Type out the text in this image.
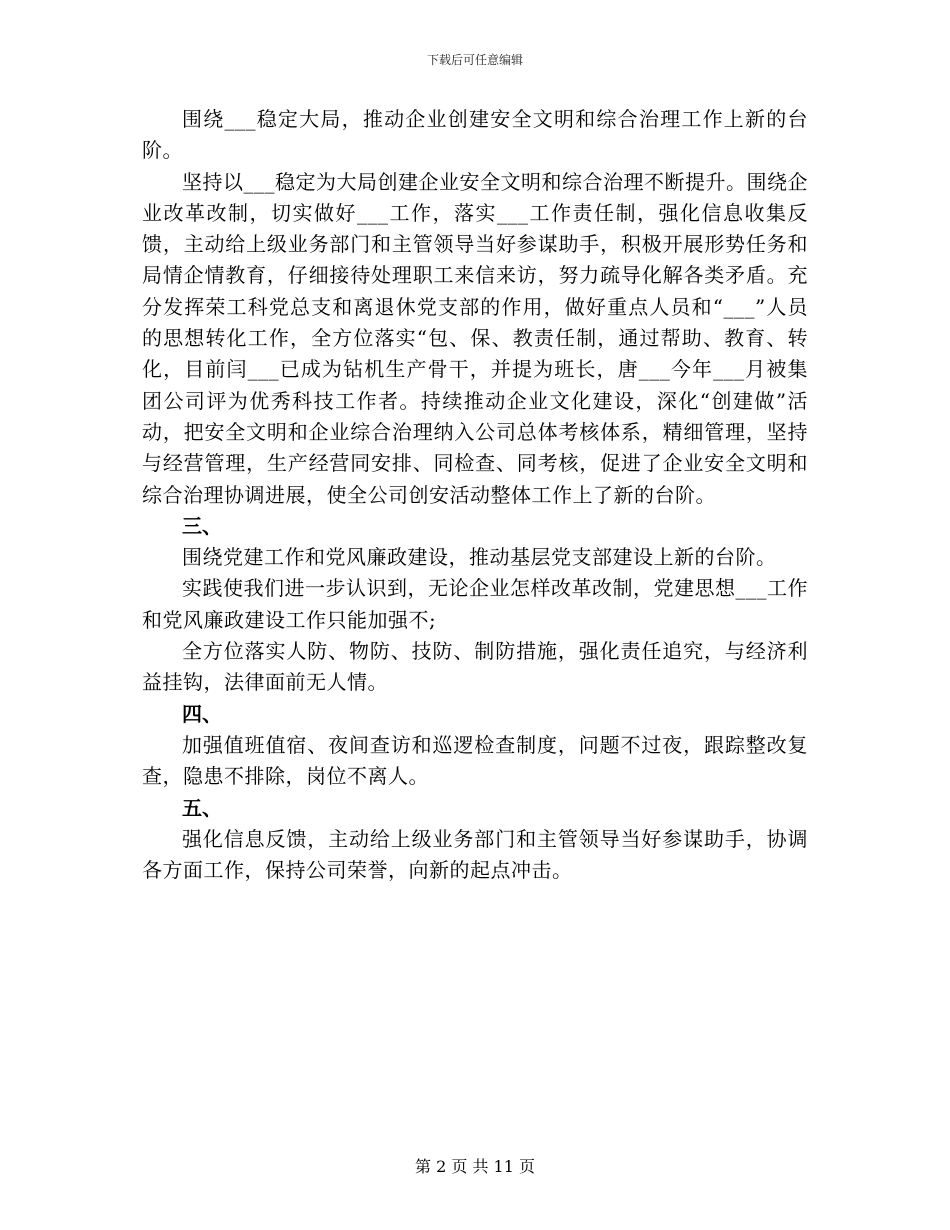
下载后可任意编辑

围绕___稳定大局，推动企业创建安全文明和综合治理工作上新的台阶。

坚持以___稳定为大局创建企业安全文明和综合治理不断提升。围绕企业改革改制，切实做好___工作，落实___工作责任制，强化信息收集反馈，主动给上级业务部门和主管领导当好参谋助手，积极开展形势任务和局情企情教育，仔细接待处理职工来信来访，努力疏导化解各类矛盾。充分发挥荣工科党总支和离退休党支部的作用，做好重点人员和“___”人员的思想转化工作，全方位落实“包、保、教责任制，通过帮助、教育、转化，目前闫___已成为钻机生产骨干，并提为班长，唐___今年___月被集团公司评为优秀科技工作者。持续推动企业文化建设，深化“创建做”活动，把安全文明和企业综合治理纳入公司总体考核体系，精细管理，坚持与经营管理，生产经营同安排、同检查、同考核，促进了企业安全文明和综合治理协调进展，使全公司创安活动整体工作上了新的台阶。

三、

围绕党建工作和党风廉政建设，推动基层党支部建设上新的台阶。

实践使我们进一步认识到，无论企业怎样改革改制，党建思想___工作和党风廉政建设工作只能加强不;

全方位落实人防、物防、技防、制防措施，强化责任追究，与经济利益挂钩，法律面前无人情。

四、

加强值班值宿、夜间查访和巡逻检查制度，问题不过夜，跟踪整改复查，隐患不排除，岗位不离人。

五、

强化信息反馈，主动给上级业务部门和主管领导当好参谋助手，协调各方面工作，保持公司荣誉，向新的起点冲击。

第 2 页 共 11 页
